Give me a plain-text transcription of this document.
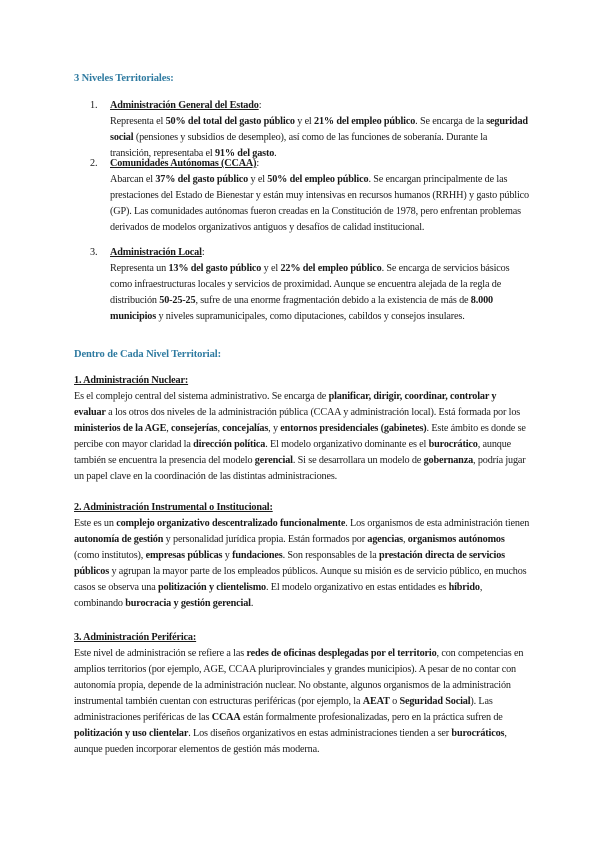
3 Niveles Territoriales:
1. Administración General del Estado:
Representa el 50% del total del gasto público y el 21% del empleo público. Se encarga de la seguridad social (pensiones y subsidios de desempleo), así como de las funciones de soberanía. Durante la transición, representaba el 91% del gasto.
2. Comunidades Autónomas (CCAA):
Abarcan el 37% del gasto público y el 50% del empleo público. Se encargan principalmente de las prestaciones del Estado de Bienestar y están muy intensivas en recursos humanos (RRHH) y gasto público (GP). Las comunidades autónomas fueron creadas en la Constitución de 1978, pero enfrentan problemas derivados de modelos organizativos antiguos y desafíos de calidad institucional.
3. Administración Local:
Representa un 13% del gasto público y el 22% del empleo público. Se encarga de servicios básicos como infraestructuras locales y servicios de proximidad. Aunque se encuentra alejada de la regla de distribución 50-25-25, sufre de una enorme fragmentación debido a la existencia de más de 8.000 municipios y niveles supramunicipales, como diputaciones, cabildos y consejos insulares.
Dentro de Cada Nivel Territorial:
1. Administración Nuclear:
Es el complejo central del sistema administrativo. Se encarga de planificar, dirigir, coordinar, controlar y evaluar a los otros dos niveles de la administración pública (CCAA y administración local). Está formada por los ministerios de la AGE, consejerías, concejalías, y entornos presidenciales (gabinetes). Este ámbito es donde se percibe con mayor claridad la dirección política. El modelo organizativo dominante es el burocrático, aunque también se encuentra la presencia del modelo gerencial. Si se desarrollara un modelo de gobernanza, podría jugar un papel clave en la coordinación de las distintas administraciones.
2. Administración Instrumental o Institucional:
Este es un complejo organizativo descentralizado funcionalmente. Los organismos de esta administración tienen autonomía de gestión y personalidad jurídica propia. Están formados por agencias, organismos autónomos (como institutos), empresas públicas y fundaciones. Son responsables de la prestación directa de servicios públicos y agrupan la mayor parte de los empleados públicos. Aunque su misión es de servicio público, en muchos casos se observa una politización y clientelismo. El modelo organizativo en estas entidades es híbrido, combinando burocracia y gestión gerencial.
3. Administración Periférica:
Este nivel de administración se refiere a las redes de oficinas desplegadas por el territorio, con competencias en amplios territorios (por ejemplo, AGE, CCAA pluriprovinciales y grandes municipios). A pesar de no contar con autonomía propia, depende de la administración nuclear. No obstante, algunos organismos de la administración instrumental también cuentan con estructuras periféricas (por ejemplo, la AEAT o Seguridad Social). Las administraciones periféricas de las CCAA están formalmente profesionalizadas, pero en la práctica sufren de politización y uso clientelar. Los diseños organizativos en estas administraciones tienden a ser burocráticos, aunque pueden incorporar elementos de gestión más moderna.
